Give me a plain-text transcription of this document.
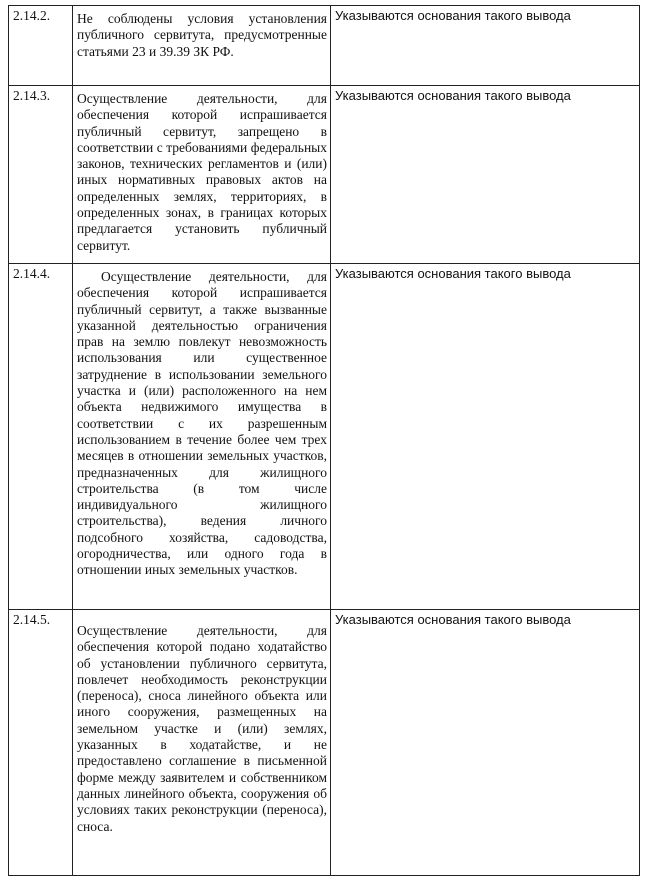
2.14.2.	Не соблюдены условия установления публичного сервитута, предусмотренные статьями 23 и 39.39 ЗК РФ.	Указываются основания такого вывода
2.14.3.	Осуществление деятельности, для обеспечения которой испрашивается публичный сервитут, запрещено в соответствии с требованиями федеральных законов, технических регламентов и (или) иных нормативных правовых актов на определенных землях, территориях, в определенных зонах, в границах которых предлагается установить публичный сервитут.	Указываются основания такого вывода
2.14.4.	Осуществление деятельности, для обеспечения которой испрашивается публичный сервитут, а также вызванные указанной деятельностью ограничения прав на землю повлекут невозможность использования или существенное затруднение в использовании земельного участка и (или) расположенного на нем объекта недвижимого имущества в соответствии с их разрешенным использованием в течение более чем трех месяцев в отношении земельных участков, предназначенных для жилищного строительства (в том числе индивидуального жилищного строительства), ведения личного подсобного хозяйства, садоводства, огородничества, или одного года в отношении иных земельных участков.	Указываются основания такого вывода
2.14.5.	Осуществление деятельности, для обеспечения которой подано ходатайство об установлении публичного сервитута, повлечет необходимость реконструкции (переноса), сноса линейного объекта или иного сооружения, размещенных на земельном участке и (или) землях, указанных в ходатайстве, и не предоставлено соглашение в письменной форме между заявителем и собственником данных линейного объекта, сооружения об условиях таких реконструкции (переноса), сноса.	Указываются основания такого вывода
